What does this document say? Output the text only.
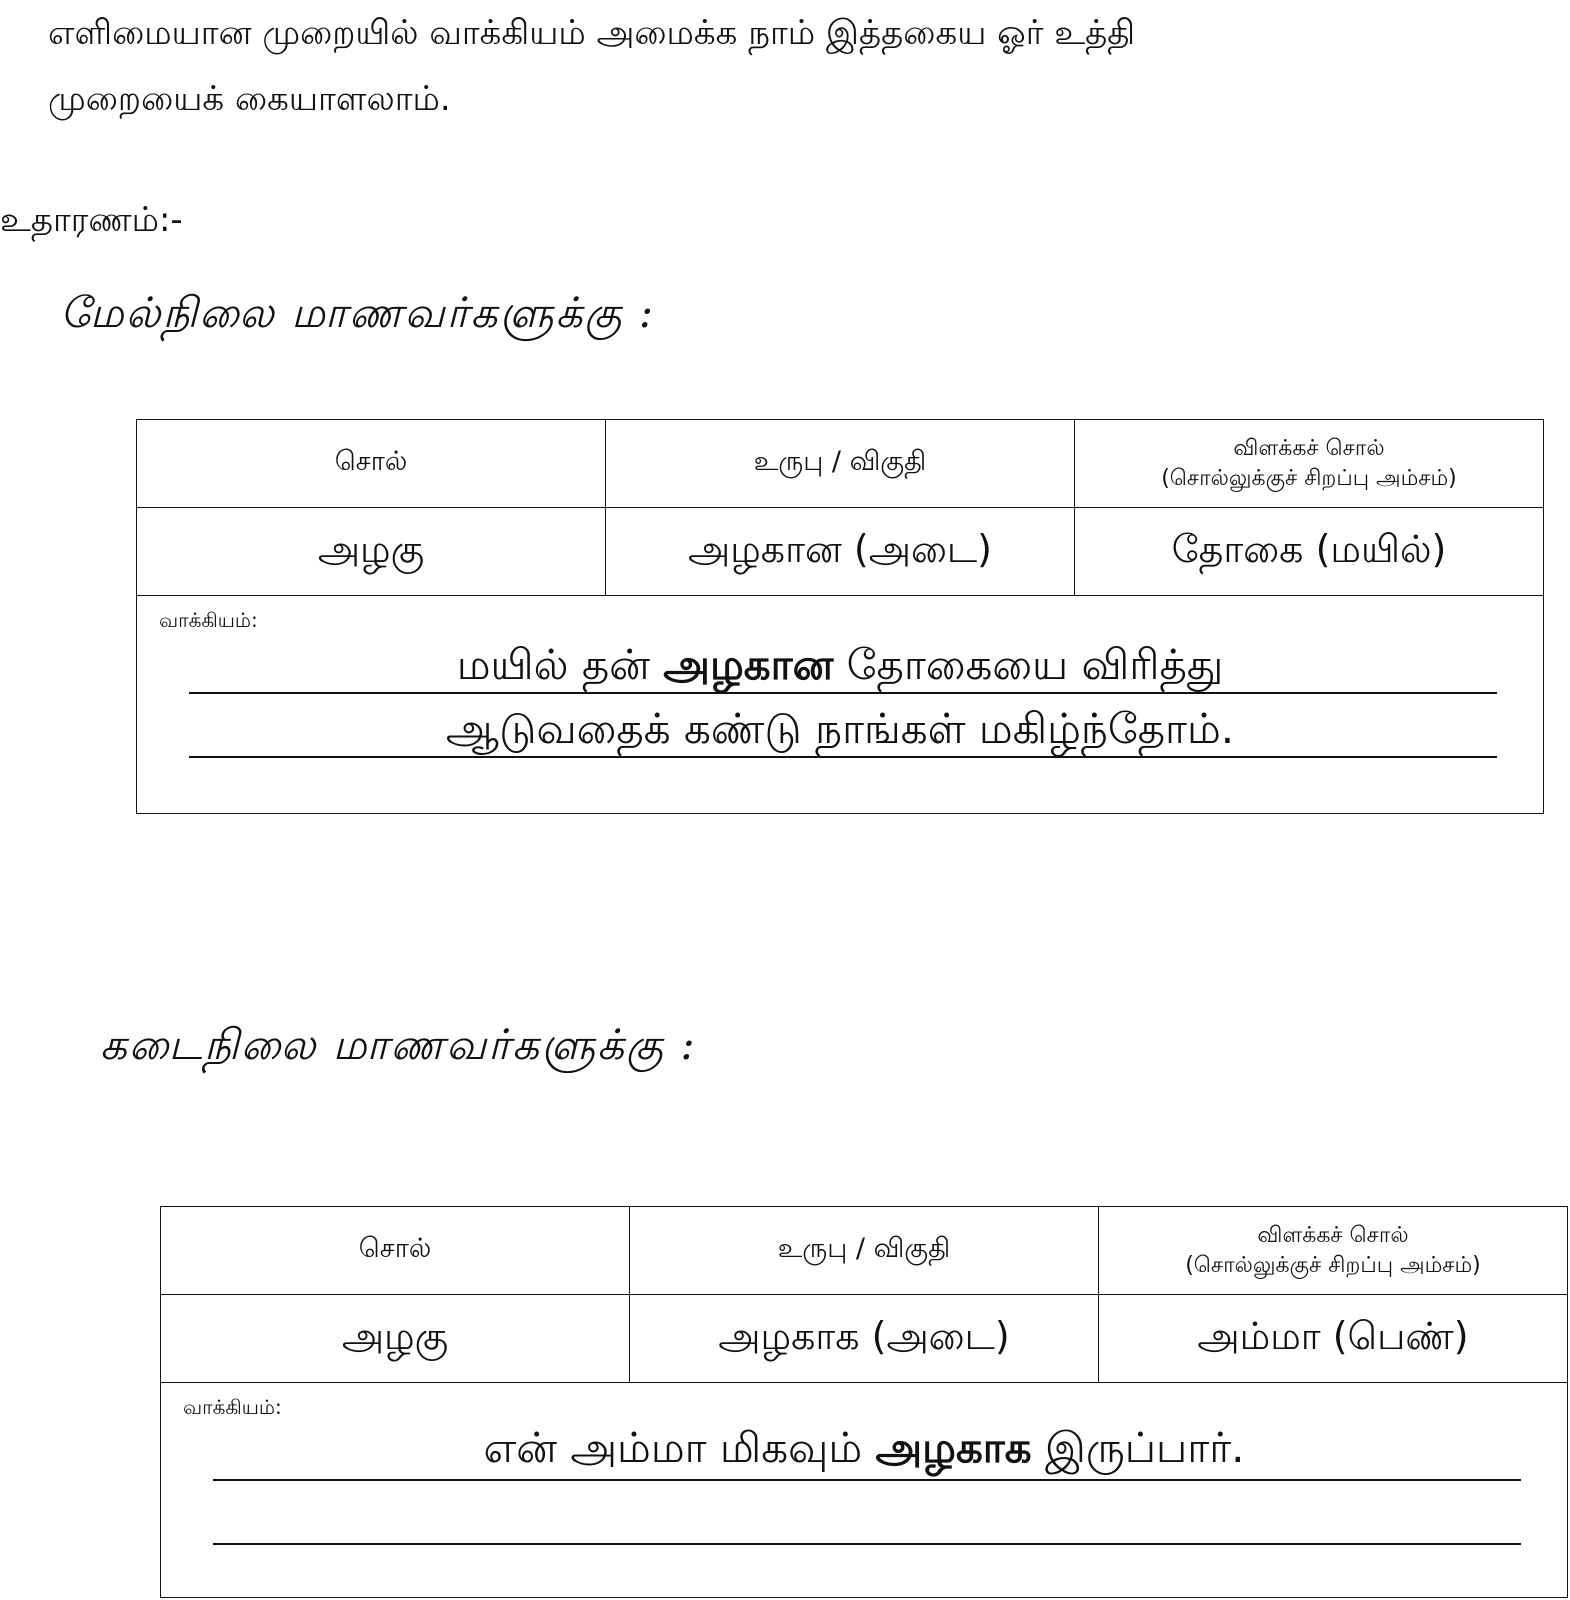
எளிமையான முறையில் வாக்கியம் அமைக்க நாம் இத்தகைய ஓர் உத்தி
முறையைக் கையாளலாம்.

உதாரணம்:-

மேல்நிலை மாணவர்களுக்கு :

சொல்	உருபு / விகுதி	விளக்கச் சொல்
(சொல்லுக்குச் சிறப்பு அம்சம்)
அழகு	அழகான (அடை)	தோகை (மயில்)
வாக்கியம்:
மயில் தன் அழகான தோகையை விரித்து
ஆடுவதைக் கண்டு நாங்கள் மகிழ்ந்தோம்.

கடைநிலை மாணவர்களுக்கு :

சொல்	உருபு / விகுதி	விளக்கச் சொல்
(சொல்லுக்குச் சிறப்பு அம்சம்)
அழகு	அழகாக (அடை)	அம்மா (பெண்)
வாக்கியம்:
என் அம்மா மிகவும் அழகாக இருப்பார்.
